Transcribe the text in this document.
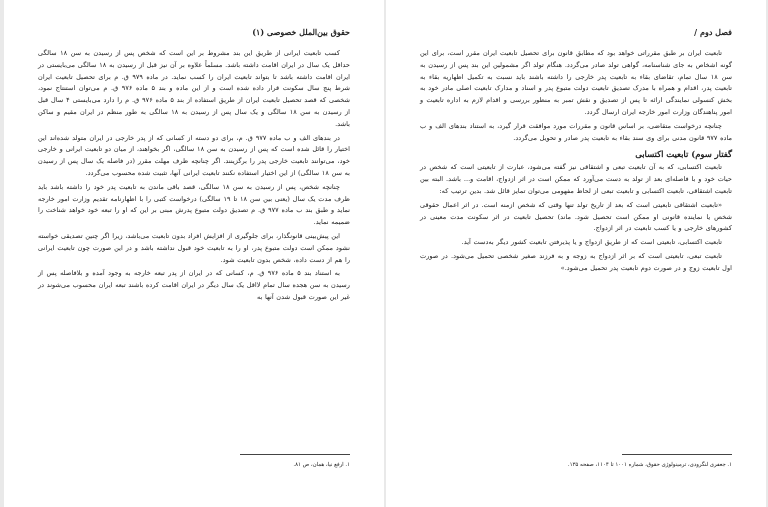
حقوق بین‌الملل خصوصی (۱)

کسب تابعیت ایرانی از طریق این بند مشروط بر این است که شخص پس از رسیدن به سن ۱۸ سالگی حداقل یک سال در ایران اقامت داشته باشد. مسلماً علاوه بر آن نیز قبل از رسیدن به ۱۸ سالگی می‌بایستی در ایران اقامت داشته باشد تا بتواند تابعیت ایران را کسب نماید. در ماده ۹۷۹ ق. م برای تحصیل تابعیت ایران شرط پنج سال سکونت قرار داده شده است و از این ماده و بند ۵ ماده ۹۷۶ ق. م می‌توان استنتاج نمود، شخصی که قصد تحصیل تابعیت ایران از طریق استفاده از بند ۵ ماده ۹۷۶ ق. م را دارد می‌بایستی ۴ سال قبل از رسیدن به سن ۱۸ سالگی و یک سال پس از رسیدن به ۱۸ سالگی به طور منظم در ایران مقیم و ساکن باشد.

در بندهای الف و ب ماده ۹۷۷ ق. م، برای دو دسته از کسانی که از پدر خارجی در ایران متولد شده‌اند این اختیار را قائل شده است که پس از رسیدن به سن ۱۸ سالگی، اگر بخواهند، از میان دو تابعیت ایرانی و خارجی خود، می‌توانند تابعیت خارجی پدر را برگزینند. اگر چنانچه ظرف مهلت مقرر (در فاصله یک سال پس از رسیدن به سن ۱۸ سالگی) از این اختیار استفاده نکنند تابعیت ایرانی آنها، تثبیت شده محسوب می‌گردد.

چنانچه شخص، پس از رسیدن به سن ۱۸ سالگی، قصد باقی ماندن به تابعیت پدر خود را داشته باشد باید ظرف مدت یک سال (یعنی بین سن ۱۸ تا ۱۹ سالگی) درخواست کتبی را با اظهارنامه تقدیم وزارت امور خارجه نماید و طبق بند ب ماده ۹۷۷ ق. م تصدیق دولت متبوع پدرش مبنی بر این که او را تبعه خود خواهد شناخت را ضمیمه نماید.

این پیش‌بینی قانونگذار، برای جلوگیری از افزایش افراد بدون تابعیت می‌باشد، زیرا اگر چنین تصدیقی خواسته نشود ممکن است دولت متبوع پدر، او را به تابعیت خود قبول نداشته باشد و در این صورت چون تابعیت ایرانی را هم از دست داده، شخص بدون تابعیت شود.

به استناد بند ۵ ماده ۹۷۶ ق. م، کسانی که در ایران از پدر تبعه خارجه به وجود آمده و بلافاصله پس از رسیدن به سن هجده سال تمام لااقل یک سال دیگر در ایران اقامت کرده باشند تبعه ایران محسوب می‌شوند در غیر این صورت قبول شدن آنها به

۱. ارفع نیا، همان، ص ۸۱.
فصل دوم/

تابعیت ایران بر طبق مقرراتی خواهد بود که مطابق قانون برای تحصیل تابعیت ایران مقرر است، برای این گونه اشخاص به جای شناسنامه، گواهی تولد صادر می‌گردد. هنگام تولد اگر مشمولین این بند پس از رسیدن به سن ۱۸ سال تمام، تقاضای بقاء به تابعیت پدر خارجی را داشته باشند باید نسبت به تکمیل اظهاریه بقاء به تابعیت پدر، اقدام و همراه با مدرک تصدیق تابعیت دولت متبوع پدر و اسناد و مدارک تابعیت اصلی مادر خود به بخش کنسولی نمایندگی ارائه تا پس از تصدیق و نقش تمبر به منظور بررسی و اقدام لازم به اداره تابعیت و امور پناهندگان وزارت امور خارجه ایران ارسال گردد.

چنانچه درخواست متقاضی، بر اساس قانون و مقررات مورد موافقت قرار گیرد، به استناد بندهای الف و ب ماده ۹۷۷ قانون مدنی برای وی سند بقاء به تابعیت پدر صادر و تحویل می‌گردد.

گفتار سوم) تابعیت اکتسابی

تابعیت اکتسابی، که به آن تابعیت تبعی و اشتقاقی نیز گفته می‌شود، عبارت از تابعیتی است که شخص در حیات خود و با فاصله‌ای بعد از تولد به دست می‌آورد که ممکن است در اثر ازدواج، اقامت و... باشد. البته بین تابعیت اشتقاقی، تابعیت اکتسابی و تابعیت تبعی از لحاظ مفهومی می‌توان تمایز قائل شد. بدین ترتیب که:

«تابعیت اشتقاقی تابعیتی است که بعد از تاریخ تولد تنها وقتی که شخص ازمنه است. در اثر اعمال حقوقی شخص یا نماینده قانونی او ممکن است تحصیل شود. ماند) تحصیل تابعیت در اثر سکونت مدت معینی در کشورهای خارجی و یا کسب تابعیت در اثر ازدواج.

تابعیت اکتسابی، تابعیتی است که از طریق ازدواج و یا پذیرفتن تابعیت کشور دیگر به‌دست آید.

تابعیت تبعی، تابعیتی است که بر اثر ازدواج به زوجه و به فرزند صغیر شخصی تحمیل می‌شود. در صورت اول تابعیت زوج و در صورت دوم تابعیت پدر تحمیل می‌شود.»

۱. جعفری لنگرودی، ترمینولوژی حقوق، شماره ۱۰۰۱ تا ۱۱۰۴، صفحه ۱۳۵.
